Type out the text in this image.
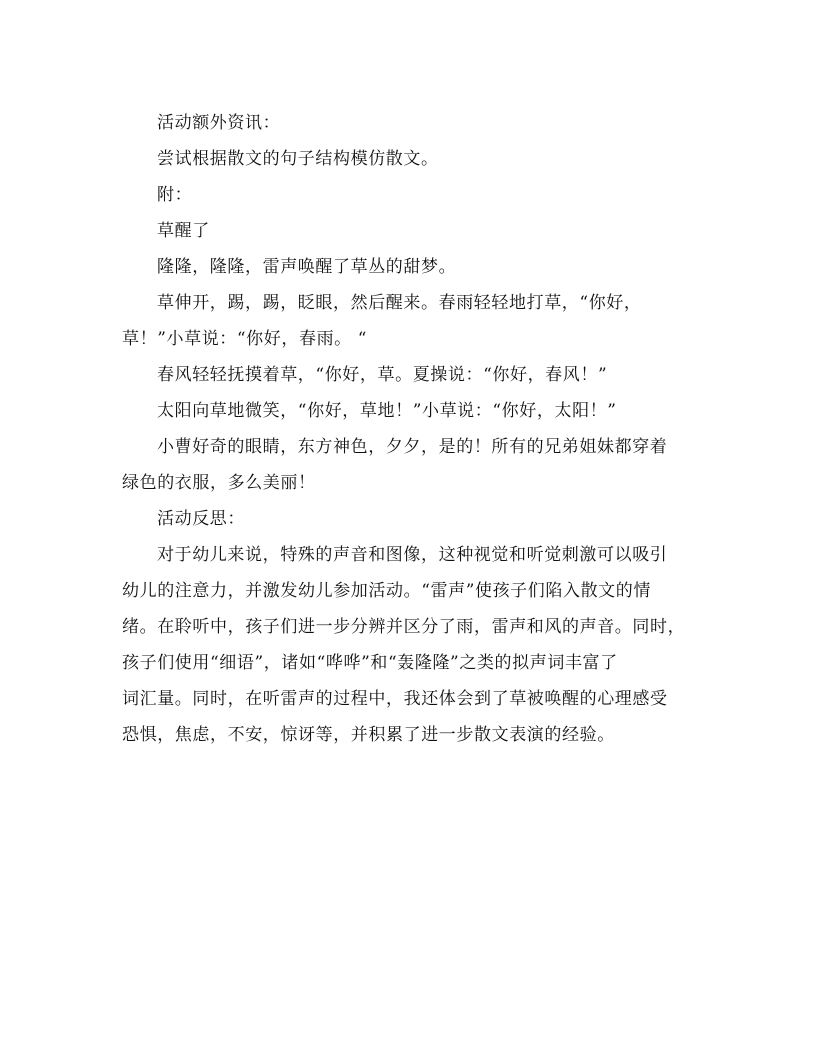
活动额外资讯：
尝试根据散文的句子结构模仿散文。
附：
草醒了
隆隆，隆隆，雷声唤醒了草丛的甜梦。
草伸开，踢，踢，眨眼，然后醒来。春雨轻轻地打草，“你好，
草！”小草说：“你好，春雨。 “
春风轻轻抚摸着草，“你好，草。夏操说：“你好，春风！”
太阳向草地微笑，“你好，草地！”小草说：“你好，太阳！”
小曹好奇的眼睛，东方神色，夕夕，是的！所有的兄弟姐妹都穿着
绿色的衣服，多么美丽！
活动反思：
对于幼儿来说，特殊的声音和图像，这种视觉和听觉刺激可以吸引
幼儿的注意力，并激发幼儿参加活动。“雷声”使孩子们陷入散文的情
绪。在聆听中，孩子们进一步分辨并区分了雨，雷声和风的声音。同时，
孩子们使用“细语”，诸如“哗哗”和“轰隆隆”之类的拟声词丰富了
词汇量。同时，在听雷声的过程中，我还体会到了草被唤醒的心理感受
恐惧，焦虑，不安，惊讶等，并积累了进一步散文表演的经验。
